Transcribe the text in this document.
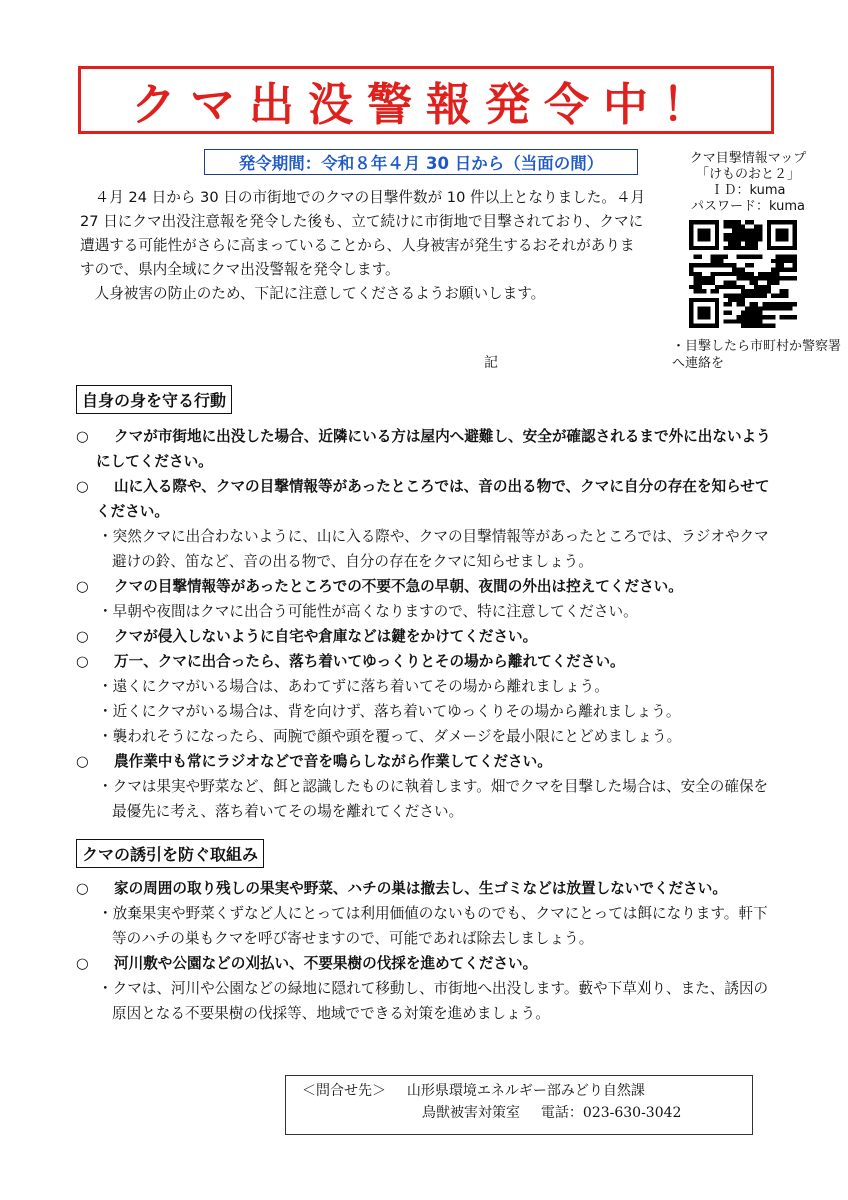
クマ出没警報発令中！
発令期間：令和８年４月 30 日から（当面の間）

４月 24 日から 30 日の市街地でのクマの目撃件数が 10 件以上となりました。４月 27 日にクマ出没注意報を発令した後も、立て続けに市街地で目撃されており、クマに遭遇する可能性がさらに高まっていることから、人身被害が発生するおそれがありますので、県内全域にクマ出没警報を発令します。

人身被害の防止のため、下記に注意してくださるようお願いします。

記
クマ目撃情報マップ
「けものおと２」
ＩＤ：kuma
パスワード：kuma
・目撃したら市町村か警察署へ連絡を
自身の身を守る行動
○ クマが市街地に出没した場合、近隣にいる方は屋内へ避難し、安全が確認されるまで外に出ないようにしてください。
○ 山に入る際や、クマの目撃情報等があったところでは、音の出る物で、クマに自分の存在を知らせてください。
・突然クマに出合わないように、山に入る際や、クマの目撃情報等があったところでは、ラジオやクマ避けの鈴、笛など、音の出る物で、自分の存在をクマに知らせましょう。
○ クマの目撃情報等があったところでの不要不急の早朝、夜間の外出は控えてください。
・早朝や夜間はクマに出合う可能性が高くなりますので、特に注意してください。
○ クマが侵入しないように自宅や倉庫などは鍵をかけてください。
○ 万一、クマに出合ったら、落ち着いてゆっくりとその場から離れてください。
・遠くにクマがいる場合は、あわてずに落ち着いてその場から離れましょう。
・近くにクマがいる場合は、背を向けず、落ち着いてゆっくりその場から離れましょう。
・襲われそうになったら、両腕で顔や頭を覆って、ダメージを最小限にとどめましょう。
○ 農作業中も常にラジオなどで音を鳴らしながら作業してください。
・クマは果実や野菜など、餌と認識したものに執着します。畑でクマを目撃した場合は、安全の確保を最優先に考え、落ち着いてその場を離れてください。
クマの誘引を防ぐ取組み
○ 家の周囲の取り残しの果実や野菜、ハチの巣は撤去し、生ゴミなどは放置しないでください。
・放棄果実や野菜くずなど人にとっては利用価値のないものでも、クマにとっては餌になります。軒下等のハチの巣もクマを呼び寄せますので、可能であれば除去しましょう。
○ 河川敷や公園などの刈払い、不要果樹の伐採を進めてください。
・クマは、河川や公園などの緑地に隠れて移動し、市街地へ出没します。藪や下草刈り、また、誘因の原因となる不要果樹の伐採等、地域でできる対策を進めましょう。
＜問合せ先＞ 山形県環境エネルギー部みどり自然課
鳥獣被害対策室 電話：023-630-3042
